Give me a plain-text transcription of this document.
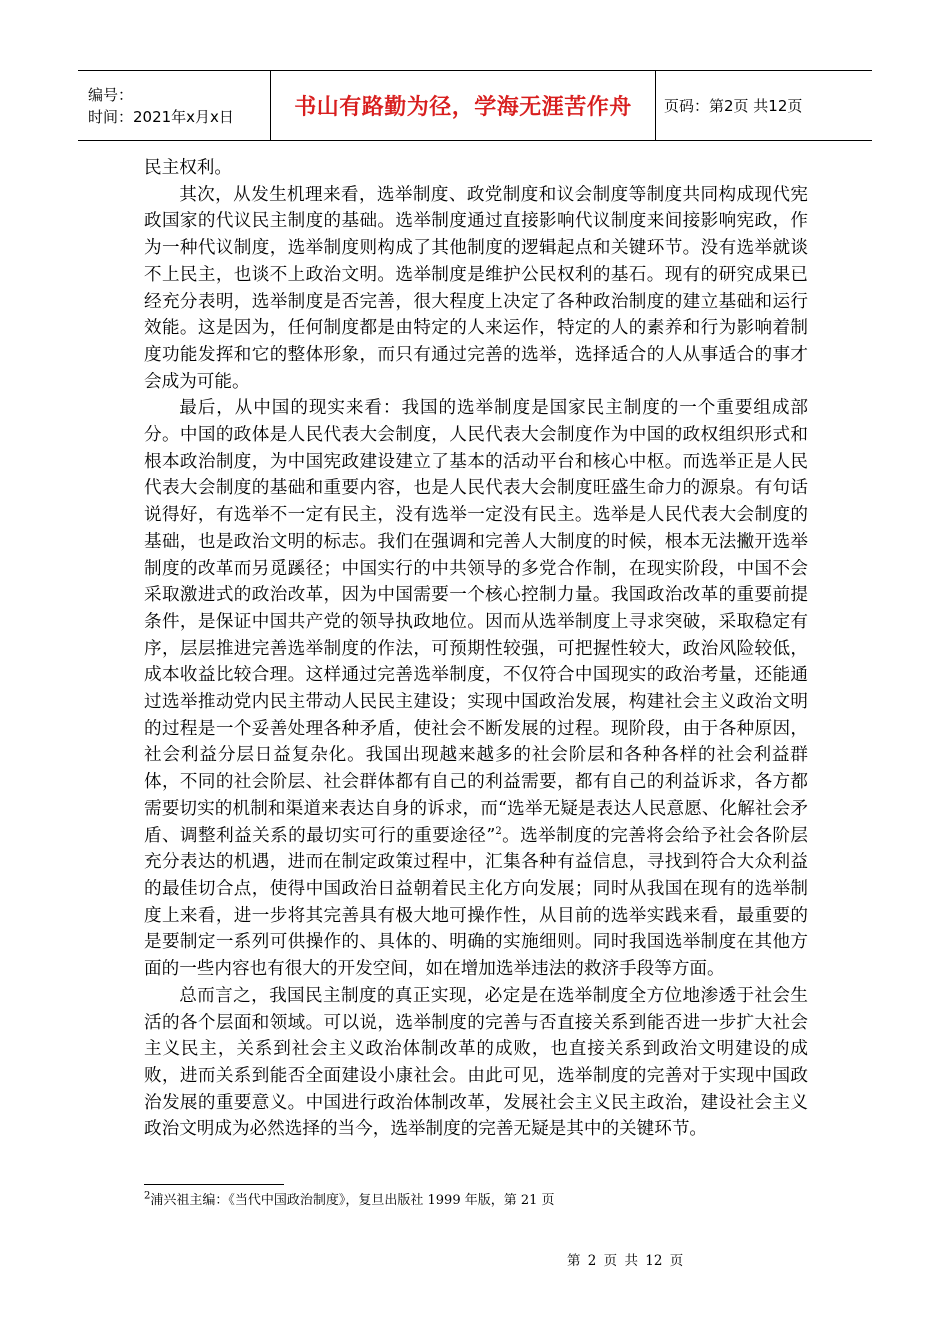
编号：
时间：2021年x月x日	书山有路勤为径，学海无涯苦作舟 页码：第2页 共12页

民主权利。

其次，从发生机理来看，选举制度、政党制度和议会制度等制度共同构成现代宪政国家的代议民主制度的基础。选举制度通过直接影响代议制度来间接影响宪政，作为一种代议制度，选举制度则构成了其他制度的逻辑起点和关键环节。没有选举就谈不上民主，也谈不上政治文明。选举制度是维护公民权利的基石。现有的研究成果已经充分表明，选举制度是否完善，很大程度上决定了各种政治制度的建立基础和运行效能。这是因为，任何制度都是由特定的人来运作，特定的人的素养和行为影响着制度功能发挥和它的整体形象，而只有通过完善的选举，选择适合的人从事适合的事才会成为可能。

最后，从中国的现实来看：我国的选举制度是国家民主制度的一个重要组成部分。中国的政体是人民代表大会制度，人民代表大会制度作为中国的政权组织形式和根本政治制度，为中国宪政建设建立了基本的活动平台和核心中枢。而选举正是人民代表大会制度的基础和重要内容，也是人民代表大会制度旺盛生命力的源泉。有句话说得好，有选举不一定有民主，没有选举一定没有民主。选举是人民代表大会制度的基础，也是政治文明的标志。我们在强调和完善人大制度的时候，根本无法撇开选举制度的改革而另觅蹊径；中国实行的中共领导的多党合作制，在现实阶段，中国不会采取激进式的政治改革，因为中国需要一个核心控制力量。我国政治改革的重要前提条件，是保证中国共产党的领导执政地位。因而从选举制度上寻求突破，采取稳定有序，层层推进完善选举制度的作法，可预期性较强，可把握性较大，政治风险较低，成本收益比较合理。这样通过完善选举制度，不仅符合中国现实的政治考量，还能通过选举推动党内民主带动人民民主建设；实现中国政治发展，构建社会主义政治文明的过程是一个妥善处理各种矛盾，使社会不断发展的过程。现阶段，由于各种原因，社会利益分层日益复杂化。我国出现越来越多的社会阶层和各种各样的社会利益群体，不同的社会阶层、社会群体都有自己的利益需要，都有自己的利益诉求，各方都需要切实的机制和渠道来表达自身的诉求，而“选举无疑是表达人民意愿、化解社会矛盾、调整利益关系的最切实可行的重要途径”$^2$。选举制度的完善将会给予社会各阶层充分表达的机遇，进而在制定政策过程中，汇集各种有益信息，寻找到符合大众利益的最佳切合点，使得中国政治日益朝着民主化方向发展；同时从我国在现有的选举制度上来看，进一步将其完善具有极大地可操作性，从目前的选举实践来看，最重要的是要制定一系列可供操作的、具体的、明确的实施细则。同时我国选举制度在其他方面的一些内容也有很大的开发空间，如在增加选举违法的救济手段等方面。

总而言之，我国民主制度的真正实现，必定是在选举制度全方位地渗透于社会生活的各个层面和领域。可以说，选举制度的完善与否直接关系到能否进一步扩大社会主义民主，关系到社会主义政治体制改革的成败，也直接关系到政治文明建设的成败，进而关系到能否全面建设小康社会。由此可见，选举制度的完善对于实现中国政治发展的重要意义。中国进行政治体制改革，发展社会主义民主政治，建设社会主义政治文明成为必然选择的当今，选举制度的完善无疑是其中的关键环节。

$^2$浦兴祖主编：《当代中国政治制度》，复旦出版社 1999 年版，第 21 页
第 2 页 共 12 页
